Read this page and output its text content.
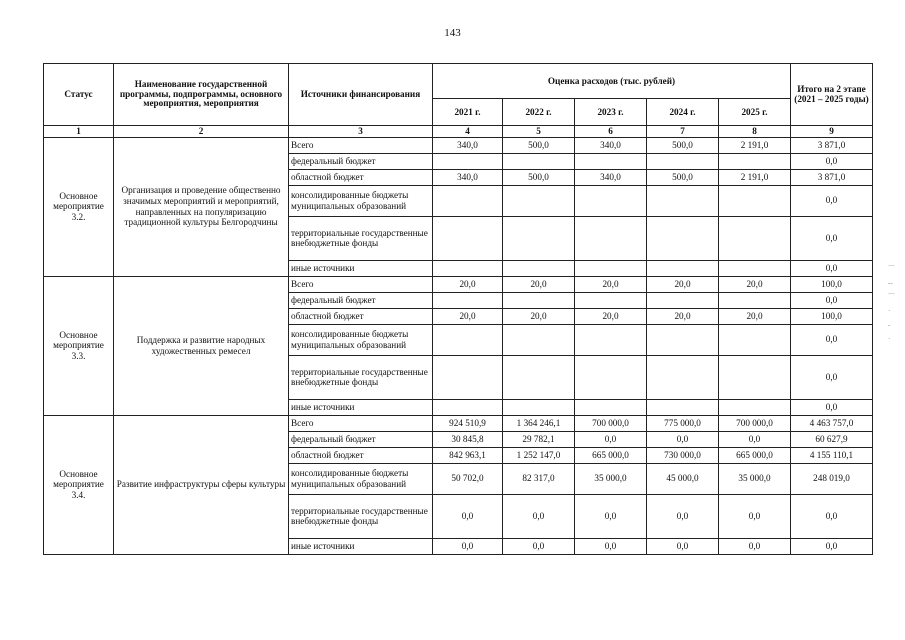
143
Статус	Наименование государственной программы, подпрограммы, основного мероприятия, мероприятия	Источники финансирования	Оценка расходов (тыс. рублей)					Итого на 2 этапе (2021 – 2025 годы)
			2021 г.	2022 г.	2023 г.	2024 г.	2025 г.	
1	2	3	4	5	6	7	8	9
Основное мероприятие 3.2.	Организация и проведение общественно значимых мероприятий и мероприятий, направленных на популяризацию традиционной культуры Белгородчины	Всего	340,0	500,0	340,0	500,0	2 191,0	3 871,0
		федеральный бюджет						0,0
		областной бюджет	340,0	500,0	340,0	500,0	2 191,0	3 871,0
		консолидированные бюджеты муниципальных образований						0,0
		территориальные государственные внебюджетные фонды						0,0
		иные источники						0,0
Основное мероприятие 3.3.	Поддержка и развитие народных художественных ремесел	Всего	20,0	20,0	20,0	20,0	20,0	100,0
		федеральный бюджет						0,0
		областной бюджет	20,0	20,0	20,0	20,0	20,0	100,0
		консолидированные бюджеты муниципальных образований						0,0
		территориальные государственные внебюджетные фонды						0,0
		иные источники						0,0
Основное мероприятие 3.4.	Развитие инфраструктуры сферы культуры	Всего	924 510,9	1 364 246,1	700 000,0	775 000,0	700 000,0	4 463 757,0
		федеральный бюджет	30 845,8	29 782,1	0,0	0,0	0,0	60 627,9
		областной бюджет	842 963,1	1 252 147,0	665 000,0	730 000,0	665 000,0	4 155 110,1
		консолидированные бюджеты муниципальных образований	50 702,0	82 317,0	35 000,0	45 000,0	35 000,0	248 019,0
		территориальные государственные внебюджетные фонды	0,0	0,0	0,0	0,0	0,0	0,0
		иные источники	0,0	0,0	0,0	0,0	0,0	0,0
⌒
‐‐
⌒
·
‐
·
